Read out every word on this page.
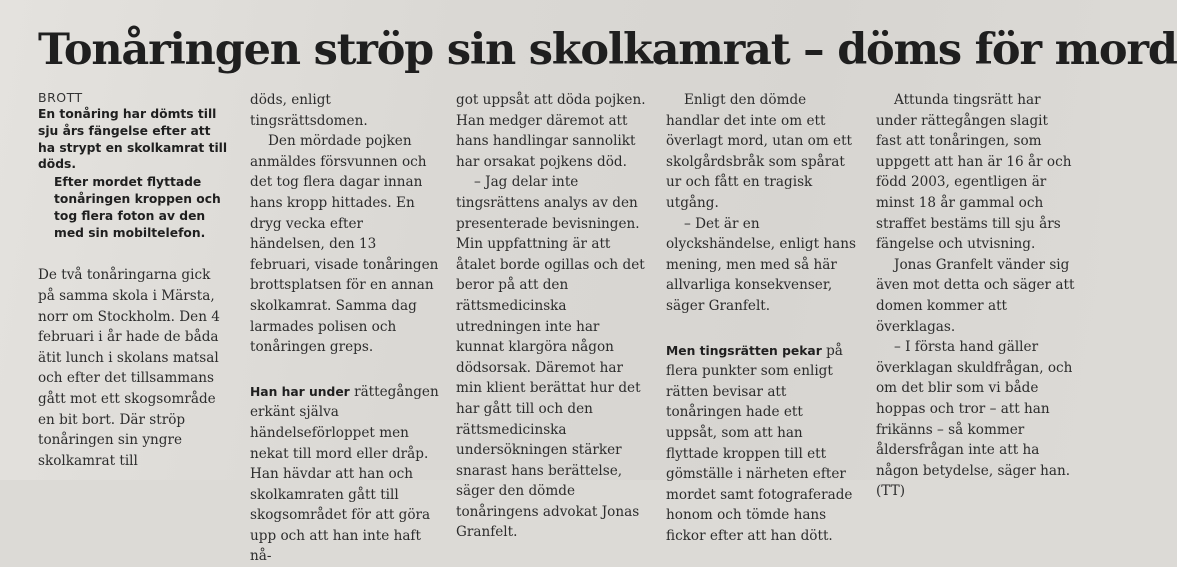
Tonåringen ströp sin skolkamrat – döms för mord

BROTT

En tonåring har dömts till sju års fängelse efter att ha strypt en skolkamrat till döds.

Efter mordet flyttade tonåringen kroppen och tog flera foton av den med sin mobiltelefon.

De två tonåringarna gick på samma skola i Märsta, norr om Stockholm. Den 4 februari i år hade de båda ätit lunch i skolans matsal och efter det tillsammans gått mot ett skogsområde en bit bort. Där ströp tonåringen sin yngre skolkamrat till

döds, enligt tingsrättsdomen.

Den mördade pojken anmäldes försvunnen och det tog flera dagar innan hans kropp hittades. En dryg vecka efter händelsen, den 13 februari, visade tonåringen brottsplatsen för en annan skolkamrat. Samma dag larmades polisen och tonåringen greps.

Han har under rättegången erkänt själva händelseförloppet men nekat till mord eller dråp. Han hävdar att han och skolkamraten gått till skogsområdet för att göra upp och att han inte haft nå-

got uppsåt att döda pojken. Han medger däremot att hans handlingar sannolikt har orsakat pojkens död.

– Jag delar inte tingsrättens analys av den presenterade bevisningen. Min uppfattning är att åtalet borde ogillas och det beror på att den rättsmedicinska utredningen inte har kunnat klargöra någon dödsorsak. Däremot har min klient berättat hur det har gått till och den rättsmedicinska undersökningen stärker snarast hans berättelse, säger den dömde tonåringens advokat Jonas Granfelt.

Enligt den dömde handlar det inte om ett överlagt mord, utan om ett skolgårdsbråk som spårat ur och fått en tragisk utgång.

– Det är en olyckshändelse, enligt hans mening, men med så här allvarliga konsekvenser, säger Granfelt.

Men tingsrätten pekar på flera punkter som enligt rätten bevisar att tonåringen hade ett uppsåt, som att han flyttade kroppen till ett gömställe i närheten efter mordet samt fotograferade honom och tömde hans fickor efter att han dött.

Attunda tingsrätt har under rättegången slagit fast att tonåringen, som uppgett att han är 16 år och född 2003, egentligen är minst 18 år gammal och straffet bestäms till sju års fängelse och utvisning.

Jonas Granfelt vänder sig även mot detta och säger att domen kommer att överklagas.

– I första hand gäller överklagan skuldfrågan, och om det blir som vi både hoppas och tror – att han frikänns – så kommer åldersfrågan inte att ha någon betydelse, säger han. (TT)
